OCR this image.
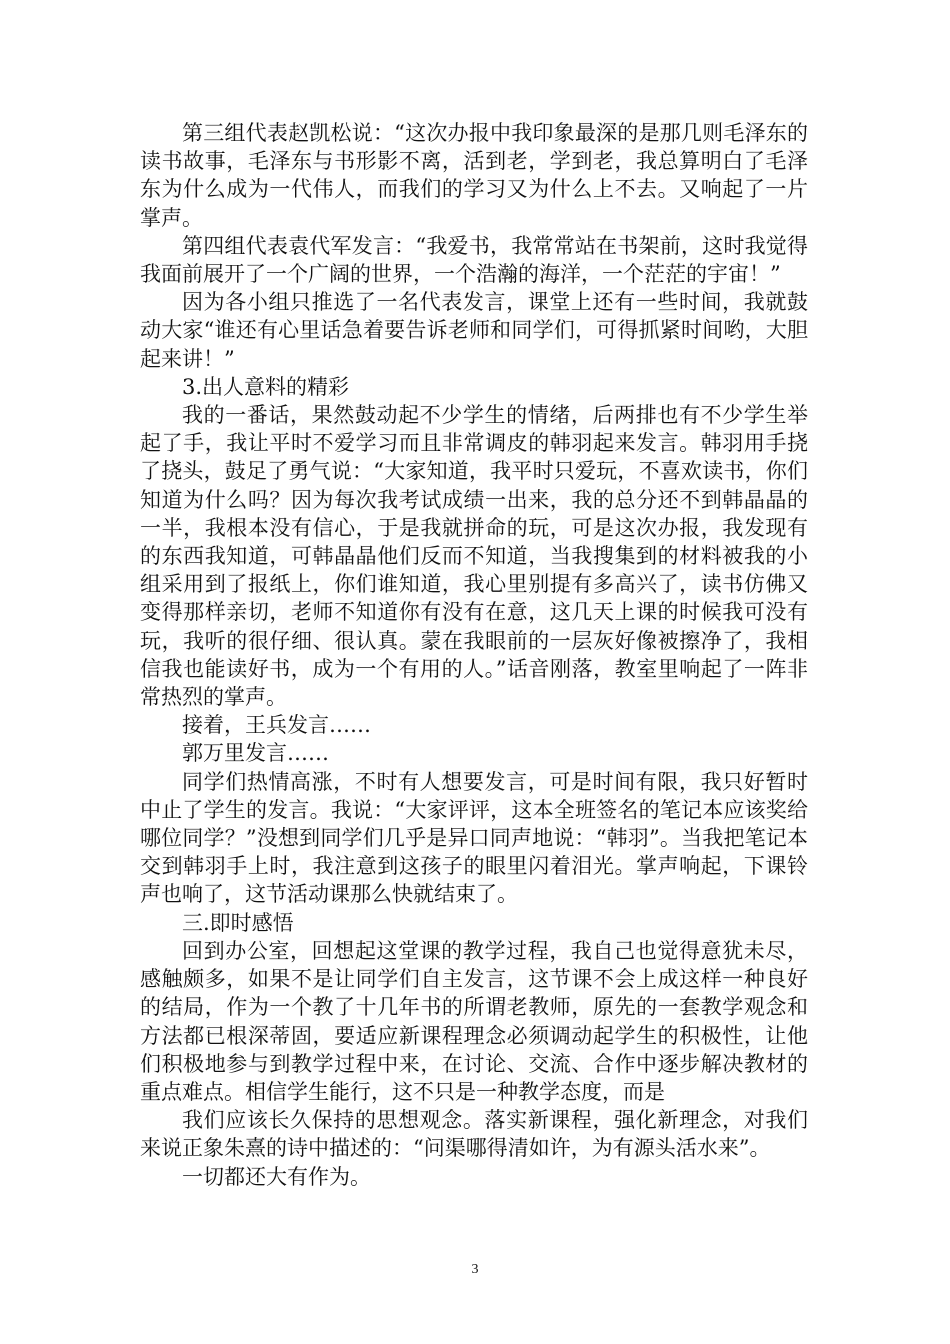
第三组代表赵凯松说：“这次办报中我印象最深的是那几则毛泽东的读书故事，毛泽东与书形影不离，活到老，学到老，我总算明白了毛泽东为什么成为一代伟人，而我们的学习又为什么上不去。又响起了一片掌声。

第四组代表袁代军发言：“我爱书，我常常站在书架前，这时我觉得我面前展开了一个广阔的世界，一个浩瀚的海洋，一个茫茫的宇宙！”

因为各小组只推选了一名代表发言，课堂上还有一些时间，我就鼓动大家“谁还有心里话急着要告诉老师和同学们，可得抓紧时间哟，大胆起来讲！”

3.出人意料的精彩

我的一番话，果然鼓动起不少学生的情绪，后两排也有不少学生举起了手，我让平时不爱学习而且非常调皮的韩羽起来发言。韩羽用手挠了挠头，鼓足了勇气说：“大家知道，我平时只爱玩，不喜欢读书，你们知道为什么吗？因为每次我考试成绩一出来，我的总分还不到韩晶晶的一半，我根本没有信心，于是我就拼命的玩，可是这次办报，我发现有的东西我知道，可韩晶晶他们反而不知道，当我搜集到的材料被我的小组采用到了报纸上，你们谁知道，我心里别提有多高兴了，读书仿佛又变得那样亲切，老师不知道你有没有在意，这几天上课的时候我可没有玩，我听的很仔细、很认真。蒙在我眼前的一层灰好像被擦净了，我相信我也能读好书，成为一个有用的人。”话音刚落，教室里响起了一阵非常热烈的掌声。

接着，王兵发言……

郭万里发言……

同学们热情高涨，不时有人想要发言，可是时间有限，我只好暂时中止了学生的发言。我说：“大家评评，这本全班签名的笔记本应该奖给哪位同学？”没想到同学们几乎是异口同声地说：“韩羽”。当我把笔记本交到韩羽手上时，我注意到这孩子的眼里闪着泪光。掌声响起，下课铃声也响了，这节活动课那么快就结束了。

三.即时感悟

回到办公室，回想起这堂课的教学过程，我自己也觉得意犹未尽，感触颇多，如果不是让同学们自主发言，这节课不会上成这样一种良好的结局，作为一个教了十几年书的所谓老教师，原先的一套教学观念和方法都已根深蒂固，要适应新课程理念必须调动起学生的积极性，让他们积极地参与到教学过程中来，在讨论、交流、合作中逐步解决教材的重点难点。相信学生能行，这不只是一种教学态度，而是

我们应该长久保持的思想观念。落实新课程，强化新理念，对我们来说正象朱熹的诗中描述的：“问渠哪得清如许，为有源头活水来”。

一切都还大有作为。

3
